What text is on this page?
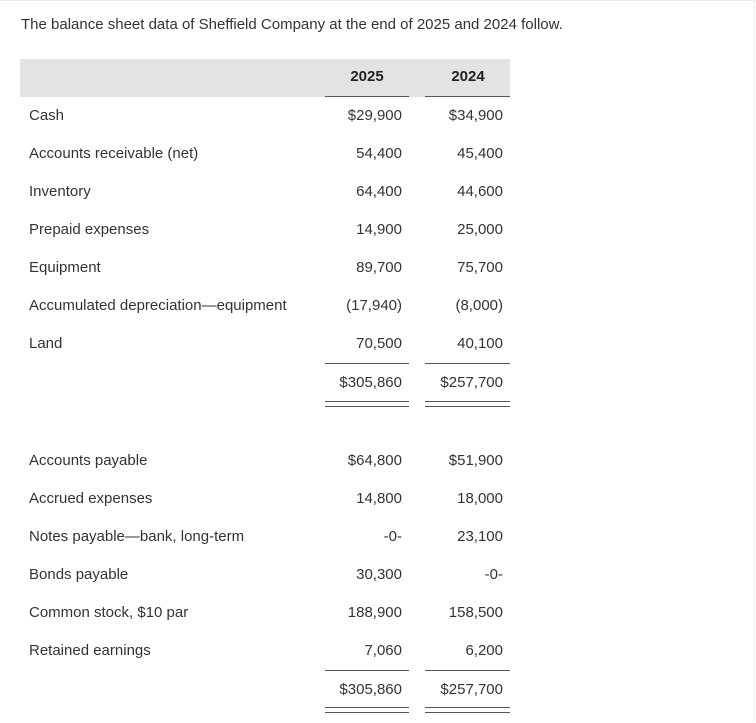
The balance sheet data of Sheffield Company at the end of 2025 and 2024 follow.
2025	2024
Cash	$29,900	$34,900
Accounts receivable (net)	54,400	45,400
Inventory	64,400	44,600
Prepaid expenses	14,900	25,000
Equipment	89,700	75,700
Accumulated depreciation—equipment	(17,940)	(8,000)
Land	70,500	40,100
$305,860	$257,700
Accounts payable	$64,800	$51,900
Accrued expenses	14,800	18,000
Notes payable—bank, long-term	-0-	23,100
Bonds payable	30,300	-0-
Common stock, $10 par	188,900	158,500
Retained earnings	7,060	6,200
$305,860	$257,700
